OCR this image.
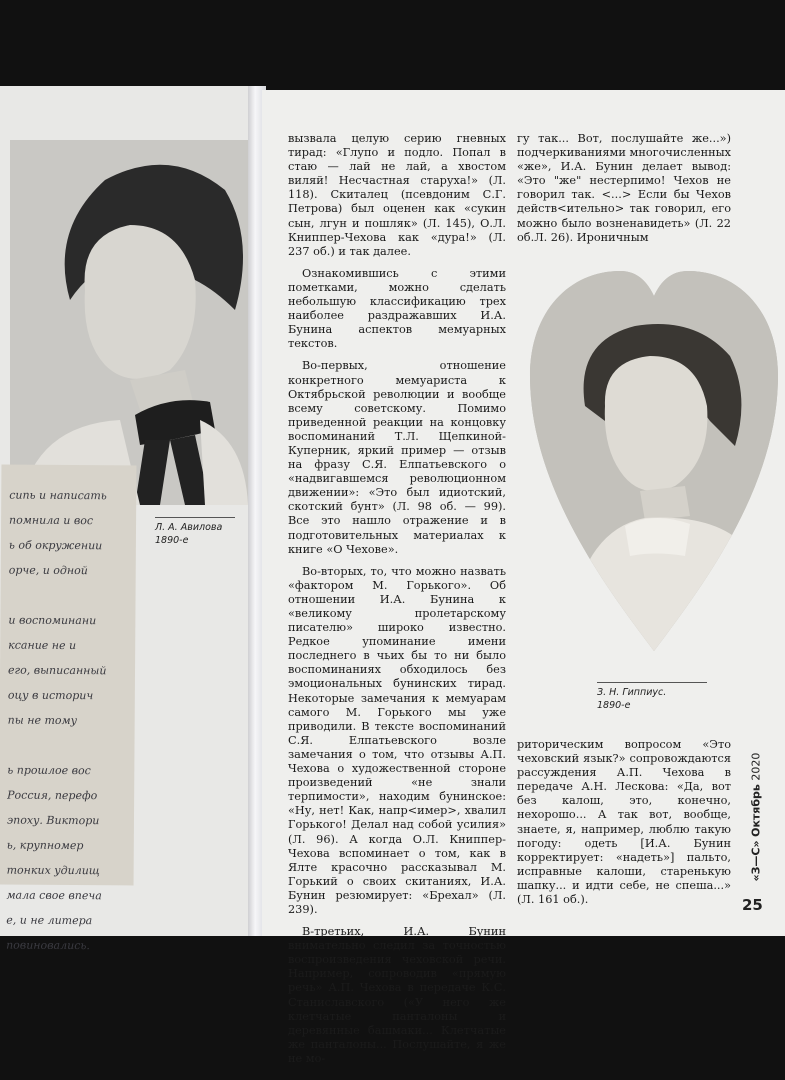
сипь и написать
помнила и вос
ь об окружении
орче, и одной

и воспоминани
ксание не и
его, выписанный
оцу в историч
пы не тому

ь прошлое вос
Россия, перефо
эпоху. Виктори
ь, крупномер
тонких удилищ
мала свое впеча
е, и не литера
повиновались.
Л. А. Авилова
1890-е

вызвала целую серию гневных тирад: «Глупо и подло. Попал в стаю — лай не лай, а хвостом виляй! Несчастная старуха!» (Л. 118). Скиталец (псевдоним С.Г. Петрова) был оценен как «сукин сын, лгун и пошляк» (Л. 145), О.Л. Книппер-Чехова как «дура!» (Л. 237 об.) и так далее.

Ознакомившись с этими пометками, можно сделать небольшую классификацию трех наиболее раздражавших И.А. Бунина аспектов мемуарных текстов.

Во-первых, отношение конкретного мемуариста к Октябрьской революции и вообще всему советскому. Помимо приведенной реакции на концовку воспоминаний Т.Л. Щепкиной-Куперник, яркий пример — отзыв на фразу С.Я. Елпатьевского о «надвигавшемся революционном движении»: «Это был идиотский, скотский бунт» (Л. 98 об. — 99). Все это нашло отражение и в подготовительных материалах к книге «О Чехове».

Во-вторых, то, что можно назвать «фактором М. Горького». Об отношении И.А. Бунина к «великому пролетарскому писателю» широко известно. Редкое упоминание имени последнего в чьих бы то ни было воспоминаниях обходилось без эмоциональных бунинских тирад. Некоторые замечания к мемуарам самого М. Горького мы уже приводили. В тексте воспоминаний С.Я. Елпатьевского возле замечания о том, что отзывы А.П. Чехова о художественной стороне произведений «не знали терпимости», находим бунинское: «Ну, нет! Как, напр<имер>, хвалил Горького! Делал над собой усилия» (Л. 96). А когда О.Л. Книппер-Чехова вспоминает о том, как в Ялте красочно рассказывал М. Горький о своих скитаниях, И.А. Бунин резюмирует: «Брехал» (Л. 239).

В-третьих, И.А. Бунин внимательно следил за точностью воспроизведения чеховской речи. Например, сопроводив «прямую речь» А.П. Чехова в передаче К.С. Станиславского («У него же клетчатые панталоны и деревянные башмаки... Клетчатые же панталоны... Послушайте, я же не мо-

гу так... Вот, послушайте же...») подчеркиваниями многочисленных «же», И.А. Бунин делает вывод: «Это "же" нестерпимо! Чехов не говорил так. <...> Если бы Чехов действ<ительно> так говорил, его можно было возненавидеть» (Л. 22 об.Л. 26). Ироничным

З. Н. Гиппиус.
1890-е

риторическим вопросом «Это чеховский язык?» сопровождаются рассуждения А.П. Чехова в передаче А.Н. Лескова: «Да, вот без калош, это, конечно, нехорошо... А так вот, вообще, знаете, я, например, люблю такую погоду: одеть [И.А. Бунин корректирует: «надеть»] пальто, исправные калоши, старенькую шапку... и идти себе, не спеша...» (Л. 161 об.).

«З—С» Октябрь 2020
25
